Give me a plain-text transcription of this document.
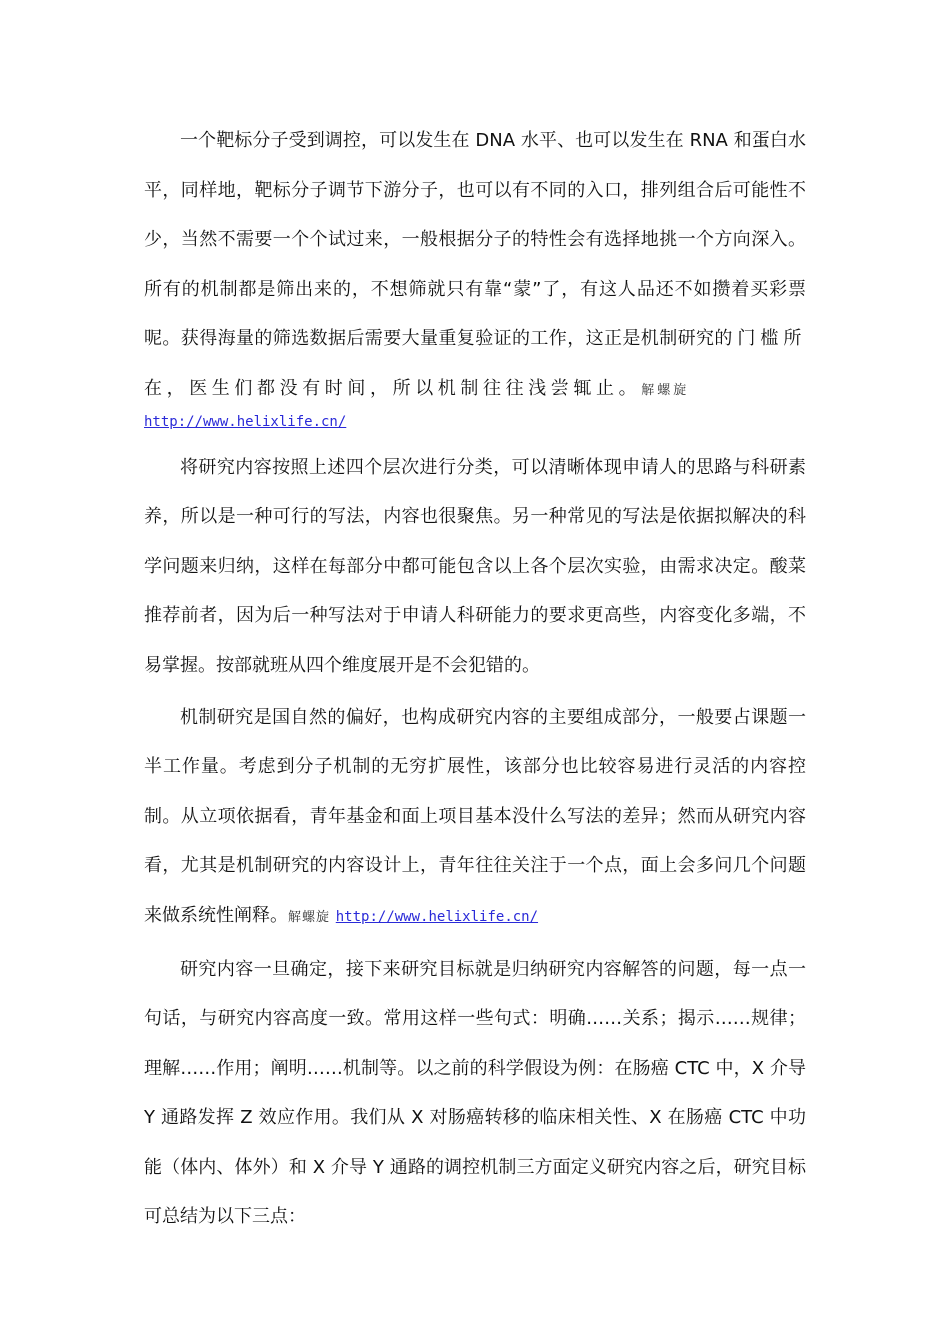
一个靶标分子受到调控，可以发生在 DNA 水平、也可以发生在 RNA 和蛋白水平，同样地，靶标分子调节下游分子，也可以有不同的入口，排列组合后可能性不少，当然不需要一个个试过来，一般根据分子的特性会有选择地挑一个方向深入。所有的机制都是筛出来的，不想筛就只有靠“蒙”了，有这人品还不如攒着买彩票呢。获得海量的筛选数据后需要大量重复验证的工作，这正是机制研究的门槛所在，医生们都没有时间，所以机制往往浅尝辄止。解螺旋

http://www.helixlife.cn/

将研究内容按照上述四个层次进行分类，可以清晰体现申请人的思路与科研素养，所以是一种可行的写法，内容也很聚焦。另一种常见的写法是依据拟解决的科学问题来归纳，这样在每部分中都可能包含以上各个层次实验，由需求决定。酸菜推荐前者，因为后一种写法对于申请人科研能力的要求更高些，内容变化多端，不易掌握。按部就班从四个维度展开是不会犯错的。

机制研究是国自然的偏好，也构成研究内容的主要组成部分，一般要占课题一半工作量。考虑到分子机制的无穷扩展性，该部分也比较容易进行灵活的内容控制。从立项依据看，青年基金和面上项目基本没什么写法的差异；然而从研究内容看，尤其是机制研究的内容设计上，青年往往关注于一个点，面上会多问几个问题来做系统性阐释。解螺旋 http://www.helixlife.cn/

研究内容一旦确定，接下来研究目标就是归纳研究内容解答的问题，每一点一句话，与研究内容高度一致。常用这样一些句式：明确……关系；揭示……规律；理解……作用；阐明……机制等。以之前的科学假设为例：在肠癌 CTC 中，X 介导 Y 通路发挥 Z 效应作用。我们从 X 对肠癌转移的临床相关性、X 在肠癌 CTC 中功能（体内、体外）和 X 介导 Y 通路的调控机制三方面定义研究内容之后，研究目标可总结为以下三点：
